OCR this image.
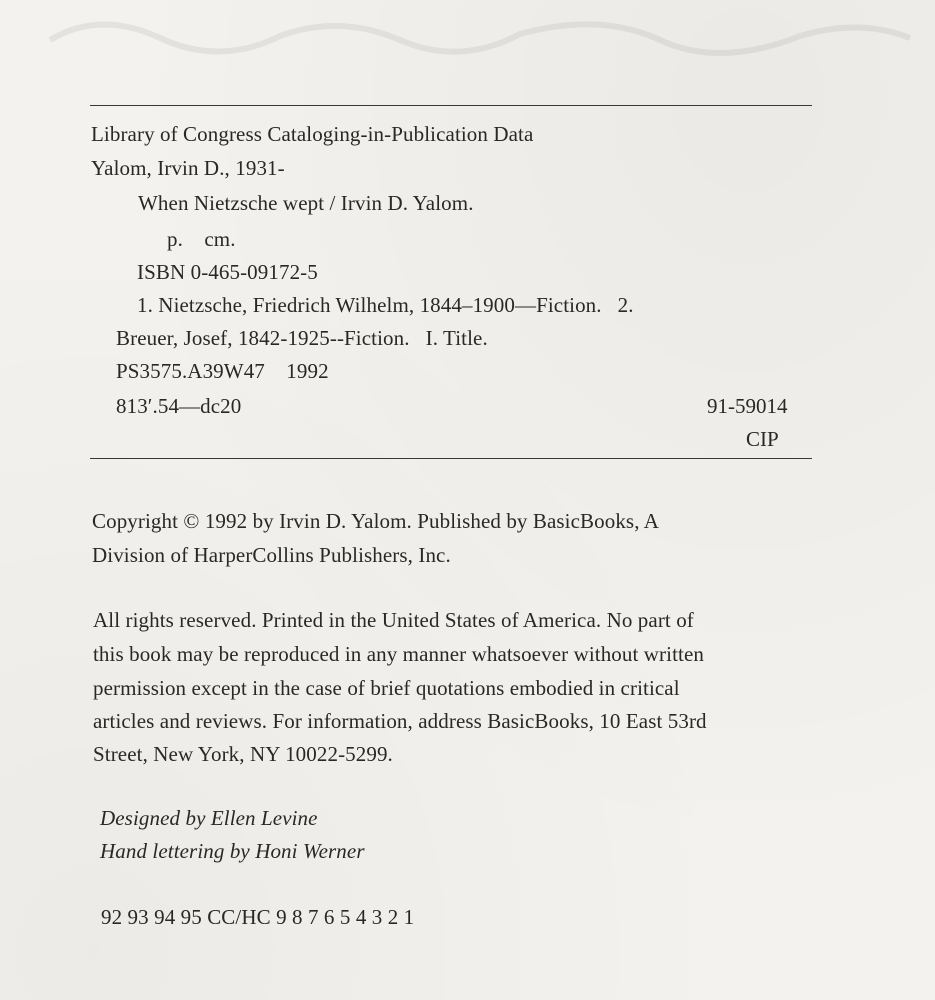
Library of Congress Cataloging-in-Publication Data
Yalom, Irvin D., 1931-
When Nietzsche wept / Irvin D. Yalom.
p.    cm.
ISBN 0-465-09172-5
1. Nietzsche, Friedrich Wilhelm, 1844–1900—Fiction.   2.
Breuer, Josef, 1842-1925--Fiction.   I. Title.
PS3575.A39W47    1992
813′.54—dc20	91-59014
CIP
Copyright © 1992 by Irvin D. Yalom. Published by BasicBooks, A
Division of HarperCollins Publishers, Inc.
All rights reserved. Printed in the United States of America. No part of
this book may be reproduced in any manner whatsoever without written
permission except in the case of brief quotations embodied in critical
articles and reviews. For information, address BasicBooks, 10 East 53rd
Street, New York, NY 10022-5299.
Designed by Ellen Levine
Hand lettering by Honi Werner
92 93 94 95 CC/HC 9 8 7 6 5 4 3 2 1
